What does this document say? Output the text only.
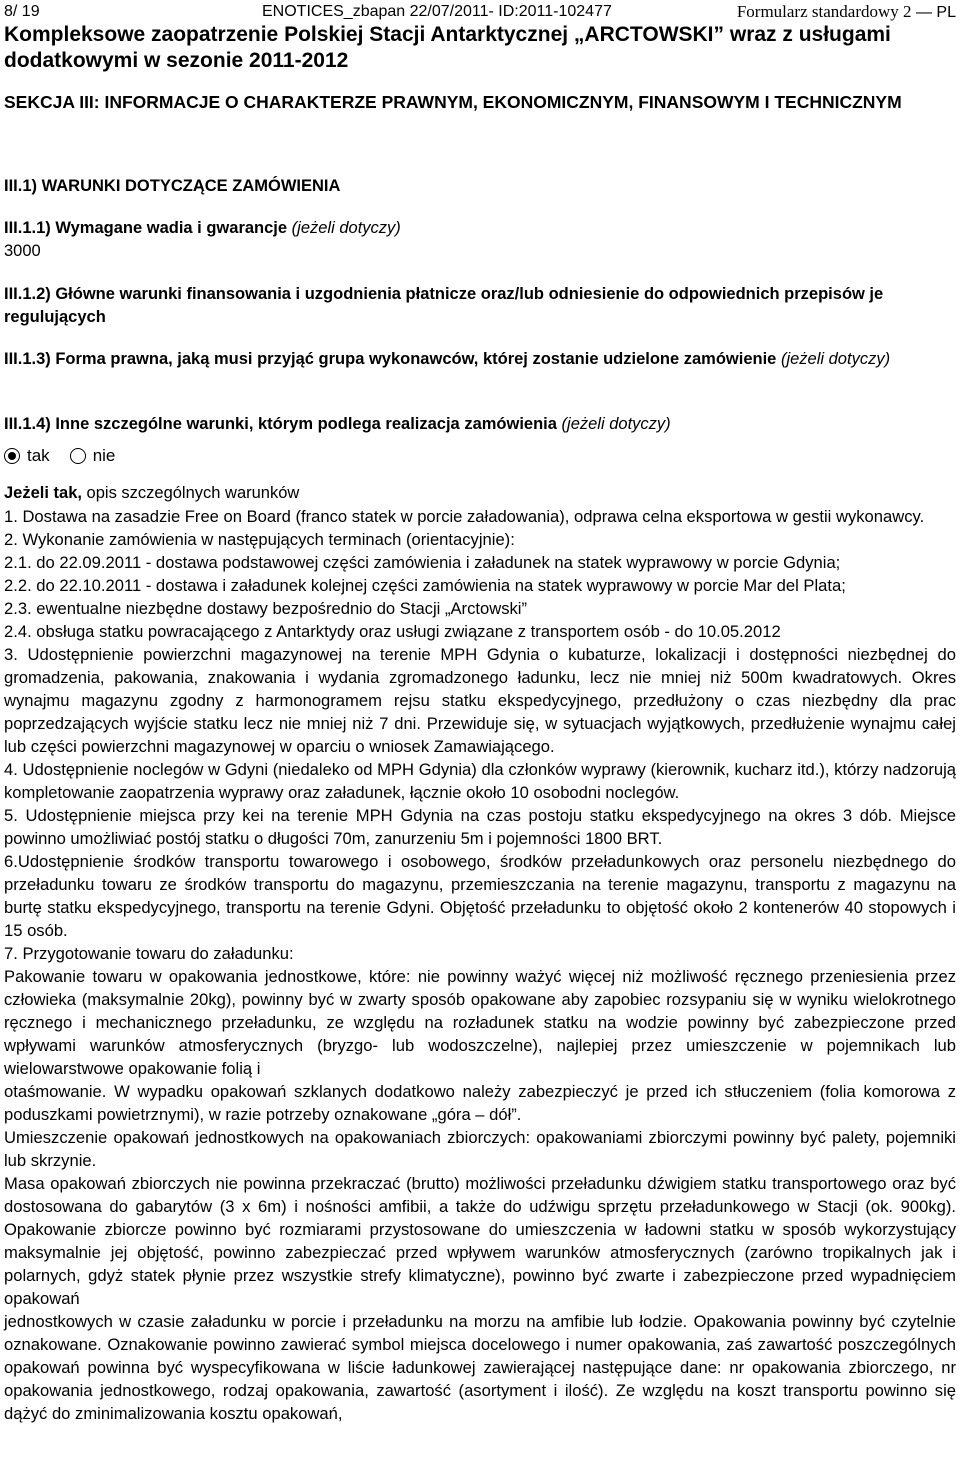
8/ 19	ENOTICES_zbapan 22/07/2011- ID:2011-102477	Formularz standardowy 2 — PL
Kompleksowe zaopatrzenie Polskiej Stacji Antarktycznej „ARCTOWSKI” wraz z usługami dodatkowymi w sezonie 2011-2012
SEKCJA III: INFORMACJE O CHARAKTERZE PRAWNYM, EKONOMICZNYM, FINANSOWYM I TECHNICZNYM
III.1) WARUNKI DOTYCZĄCE ZAMÓWIENIA
III.1.1) Wymagane wadia i gwarancje (jeżeli dotyczy)
3000
III.1.2) Główne warunki finansowania i uzgodnienia płatnicze oraz/lub odniesienie do odpowiednich przepisów je regulujących
III.1.3) Forma prawna, jaką musi przyjąć grupa wykonawców, której zostanie udzielone zamówienie (jeżeli dotyczy)
III.1.4) Inne szczególne warunki, którym podlega realizacja zamówienia (jeżeli dotyczy)
tak	nie
Jeżeli tak, opis szczególnych warunków

1. Dostawa na zasadzie Free on Board (franco statek w porcie załadowania), odprawa celna eksportowa w gestii wykonawcy.

2. Wykonanie zamówienia w następujących terminach (orientacyjnie):

2.1. do 22.09.2011 - dostawa podstawowej części zamówienia i załadunek na statek wyprawowy w porcie Gdynia;

2.2. do 22.10.2011 - dostawa i załadunek kolejnej części zamówienia na statek wyprawowy w porcie Mar del Plata;

2.3. ewentualne niezbędne dostawy bezpośrednio do Stacji „Arctowski”

2.4. obsługa statku powracającego z Antarktydy oraz usługi związane z transportem osób - do 10.05.2012

3. Udostępnienie powierzchni magazynowej na terenie MPH Gdynia o kubaturze, lokalizacji i dostępności niezbędnej do gromadzenia, pakowania, znakowania i wydania zgromadzonego ładunku, lecz nie mniej niż 500m kwadratowych. Okres wynajmu magazynu zgodny z harmonogramem rejsu statku ekspedycyjnego, przedłużony o czas niezbędny dla prac poprzedzających wyjście statku lecz nie mniej niż 7 dni. Przewiduje się, w sytuacjach wyjątkowych, przedłużenie wynajmu całej lub części powierzchni magazynowej w oparciu o wniosek Zamawiającego.

4. Udostępnienie noclegów w Gdyni (niedaleko od MPH Gdynia) dla członków wyprawy (kierownik, kucharz itd.), którzy nadzorują kompletowanie zaopatrzenia wyprawy oraz załadunek, łącznie około 10 osobodni noclegów.

5. Udostępnienie miejsca przy kei na terenie MPH Gdynia na czas postoju statku ekspedycyjnego na okres 3 dób. Miejsce powinno umożliwiać postój statku o długości 70m, zanurzeniu 5m i pojemności 1800 BRT.

6.Udostępnienie środków transportu towarowego i osobowego, środków przeładunkowych oraz personelu niezbędnego do przeładunku towaru ze środków transportu do magazynu, przemieszczania na terenie magazynu, transportu z magazynu na burtę statku ekspedycyjnego, transportu na terenie Gdyni. Objętość przeładunku to objętość około 2 kontenerów 40 stopowych i 15 osób.

7. Przygotowanie towaru do załadunku:

Pakowanie towaru w opakowania jednostkowe, które: nie powinny ważyć więcej niż możliwość ręcznego przeniesienia przez człowieka (maksymalnie 20kg), powinny być w zwarty sposób opakowane aby zapobiec rozsypaniu się w wyniku wielokrotnego ręcznego i mechanicznego przeładunku, ze względu na rozładunek statku na wodzie powinny być zabezpieczone przed wpływami warunków atmosferycznych (bryzgo- lub wodoszczelne), najlepiej przez umieszczenie w pojemnikach lub wielowarstwowe opakowanie folią i

otaśmowanie. W wypadku opakowań szklanych dodatkowo należy zabezpieczyć je przed ich stłuczeniem (folia komorowa z poduszkami powietrznymi), w razie potrzeby oznakowane „góra – dół”.

Umieszczenie opakowań jednostkowych na opakowaniach zbiorczych: opakowaniami zbiorczymi powinny być palety, pojemniki lub skrzynie.

Masa opakowań zbiorczych nie powinna przekraczać (brutto) możliwości przeładunku dźwigiem statku transportowego oraz być dostosowana do gabarytów (3 x 6m) i nośności amfibii, a także do udźwigu sprzętu przeładunkowego w Stacji (ok. 900kg). Opakowanie zbiorcze powinno być rozmiarami przystosowane do umieszczenia w ładowni statku w sposób wykorzystujący maksymalnie jej objętość, powinno zabezpieczać przed wpływem warunków atmosferycznych (zarówno tropikalnych jak i polarnych, gdyż statek płynie przez wszystkie strefy klimatyczne), powinno być zwarte i zabezpieczone przed wypadnięciem opakowań

jednostkowych w czasie załadunku w porcie i przeładunku na morzu na amfibie lub łodzie. Opakowania powinny być czytelnie oznakowane. Oznakowanie powinno zawierać symbol miejsca docelowego i numer opakowania, zaś zawartość poszczególnych opakowań powinna być wyspecyfikowana w liście ładunkowej zawierającej następujące dane: nr opakowania zbiorczego, nr opakowania jednostkowego, rodzaj opakowania, zawartość (asortyment i ilość). Ze względu na koszt transportu powinno się dążyć do zminimalizowania kosztu opakowań,
